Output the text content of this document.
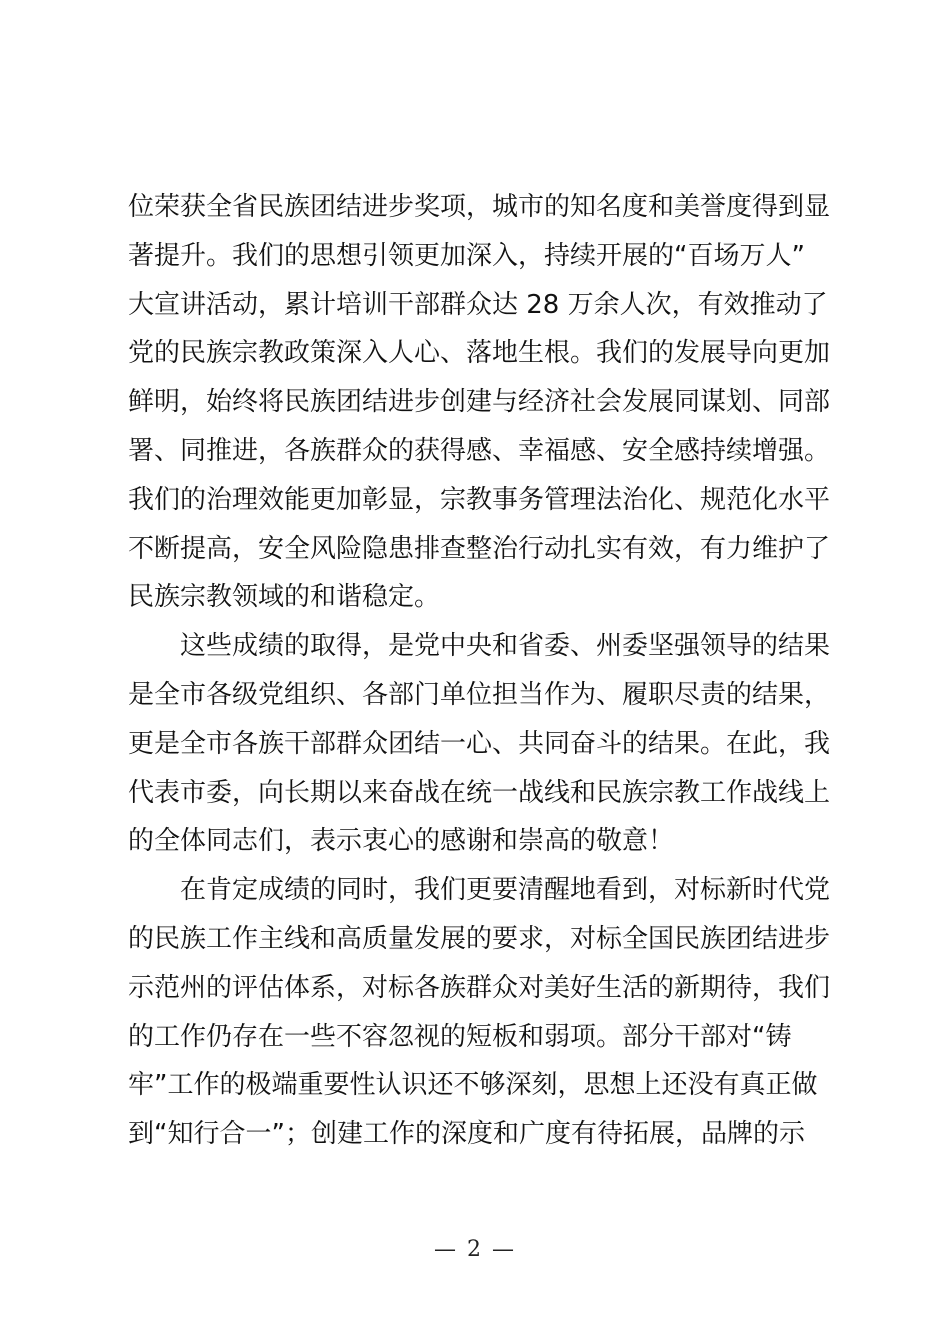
位荣获全省民族团结进步奖项，城市的知名度和美誉度得到显
著提升。我们的思想引领更加深入，持续开展的“百场万人”
大宣讲活动，累计培训干部群众达 28 万余人次，有效推动了
党的民族宗教政策深入人心、落地生根。我们的发展导向更加
鲜明，始终将民族团结进步创建与经济社会发展同谋划、同部
署、同推进，各族群众的获得感、幸福感、安全感持续增强。
我们的治理效能更加彰显，宗教事务管理法治化、规范化水平
不断提高，安全风险隐患排查整治行动扎实有效，有力维护了
民族宗教领域的和谐稳定。
　　这些成绩的取得，是党中央和省委、州委坚强领导的结果
是全市各级党组织、各部门单位担当作为、履职尽责的结果，
更是全市各族干部群众团结一心、共同奋斗的结果。在此，我
代表市委，向长期以来奋战在统一战线和民族宗教工作战线上
的全体同志们，表示衷心的感谢和崇高的敬意！
　　在肯定成绩的同时，我们更要清醒地看到，对标新时代党
的民族工作主线和高质量发展的要求，对标全国民族团结进步
示范州的评估体系，对标各族群众对美好生活的新期待，我们
的工作仍存在一些不容忽视的短板和弱项。部分干部对“铸
牢”工作的极端重要性认识还不够深刻，思想上还没有真正做
到“知行合一”；创建工作的深度和广度有待拓展，品牌的示
— 2 —
